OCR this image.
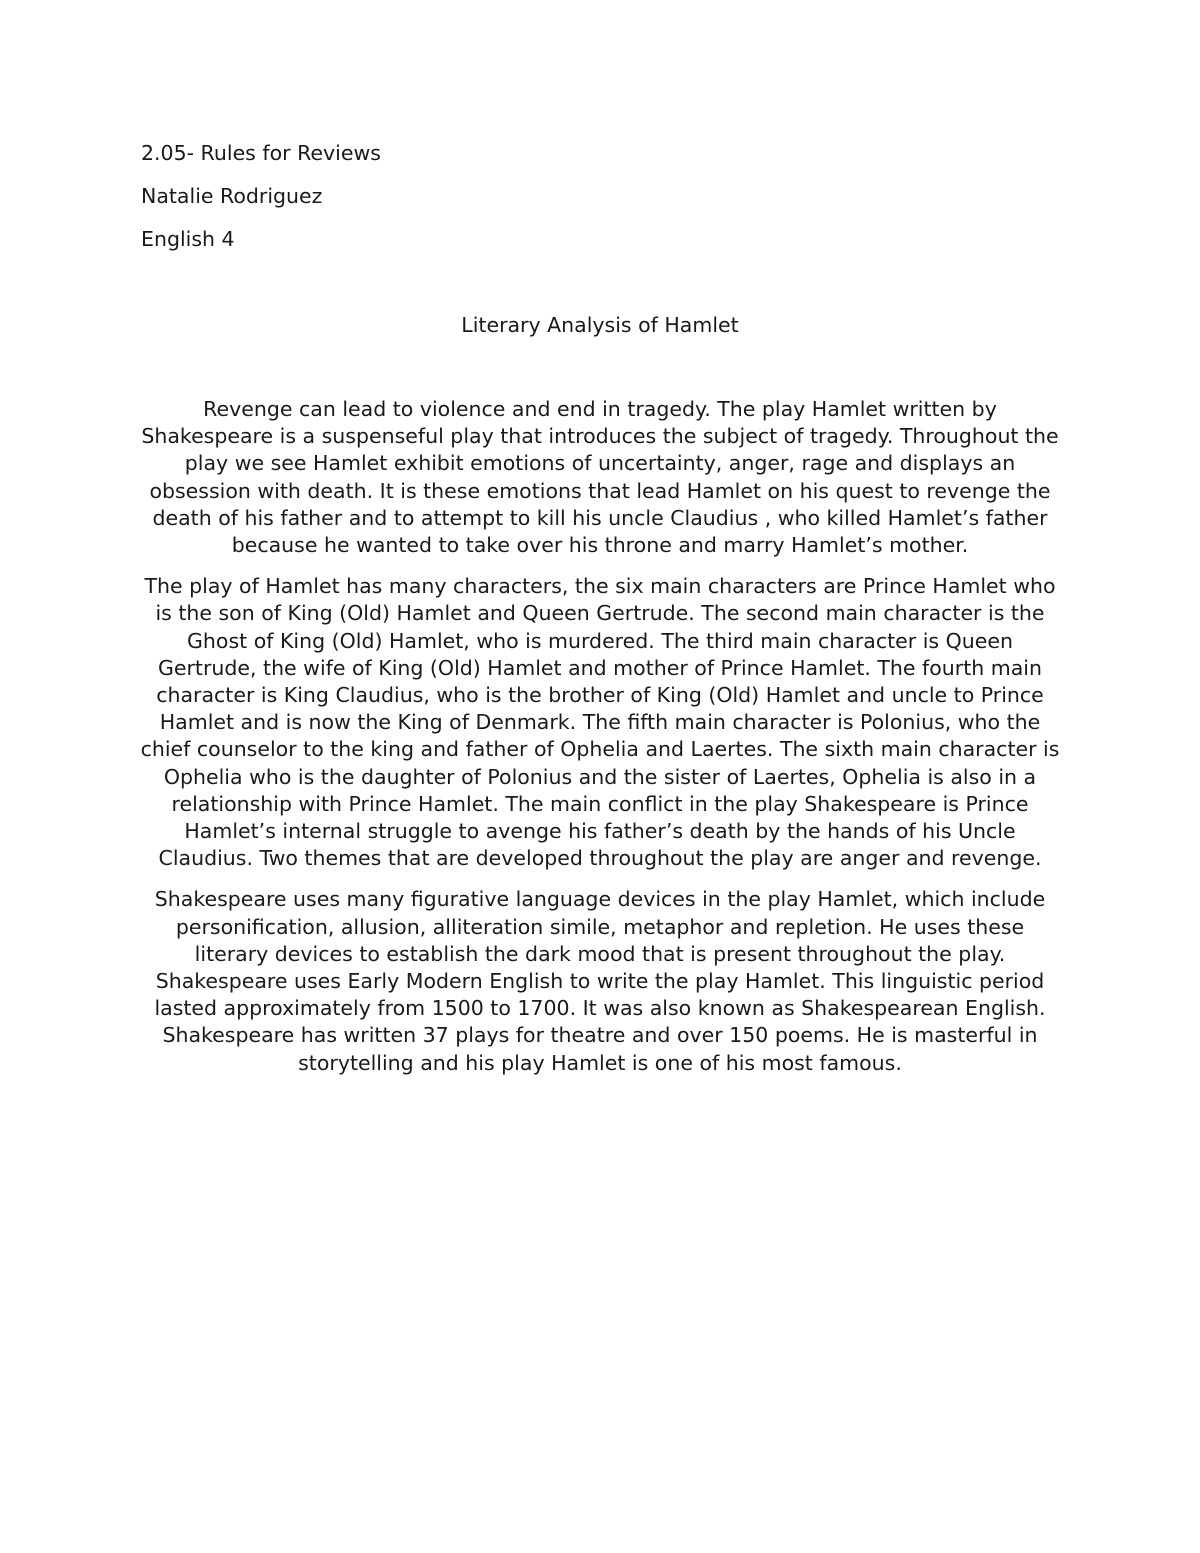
2.05- Rules for Reviews

Natalie Rodriguez

English 4

Literary Analysis of Hamlet

Revenge can lead to violence and end in tragedy. The play Hamlet written by Shakespeare is a suspenseful play that introduces the subject of tragedy. Throughout the play we see Hamlet exhibit emotions of uncertainty, anger, rage and displays an obsession with death. It is these emotions that lead Hamlet on his quest to revenge the death of his father and to attempt to kill his uncle Claudius , who killed Hamlet’s father because he wanted to take over his throne and marry Hamlet’s mother.

The play of Hamlet has many characters, the six main characters are Prince Hamlet who is the son of King (Old) Hamlet and Queen Gertrude. The second main character is the Ghost of King (Old) Hamlet, who is murdered. The third main character is Queen Gertrude, the wife of King (Old) Hamlet and mother of Prince Hamlet. The fourth main character is King Claudius, who is the brother of King (Old) Hamlet and uncle to Prince Hamlet and is now the King of Denmark. The fifth main character is Polonius, who the chief counselor to the king and father of Ophelia and Laertes. The sixth main character is Ophelia who is the daughter of Polonius and the sister of Laertes, Ophelia is also in a relationship with Prince Hamlet. The main conflict in the play Shakespeare is Prince Hamlet’s internal struggle to avenge his father’s death by the hands of his Uncle Claudius. Two themes that are developed throughout the play are anger and revenge.

Shakespeare uses many figurative language devices in the play Hamlet, which include personification, allusion, alliteration simile, metaphor and repletion. He uses these literary devices to establish the dark mood that is present throughout the play. Shakespeare uses Early Modern English to write the play Hamlet. This linguistic period lasted approximately from 1500 to 1700. It was also known as Shakespearean English. Shakespeare has written 37 plays for theatre and over 150 poems. He is masterful in storytelling and his play Hamlet is one of his most famous.
